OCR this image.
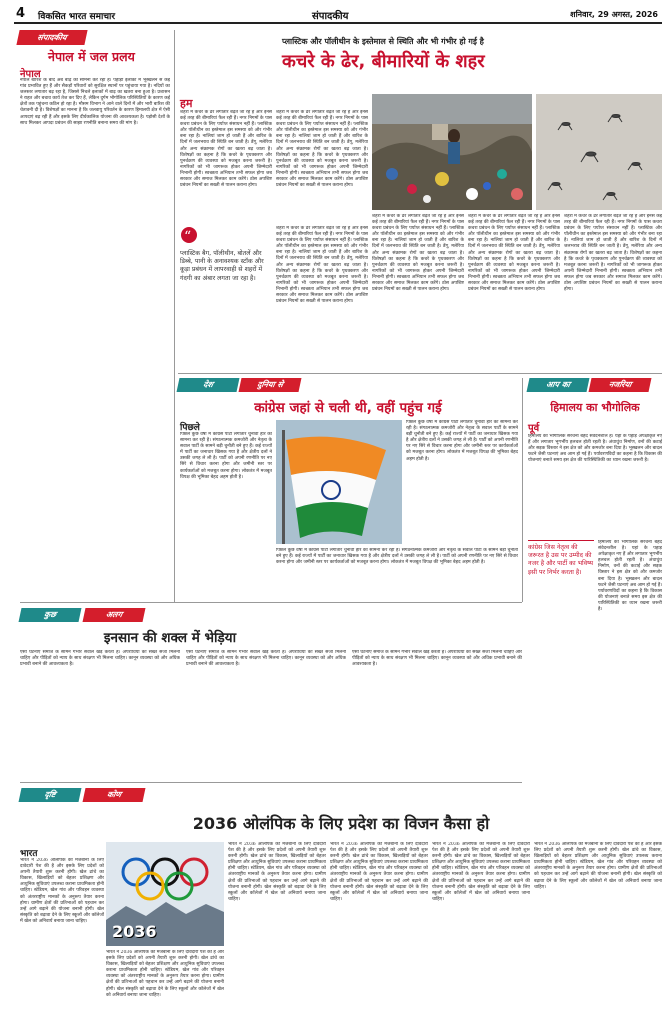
4 विकसित भारत समाचार	संपादकीय	शनिवार, 29 अगस्त, 2026
संपादकीय
नेपाल में जल प्रलय
नेपाल
नेपाल बारिश के बाद अब बाढ़ का सामना कर रहा है। पहाड़ी इलाकों में भूस्खलन से कई गांव प्रभावित हुए हैं और सैकड़ों परिवारों को सुरक्षित स्थानों पर पहुंचाया गया है। नदियों का जलस्तर लगातार बढ़ रहा है, जिससे निचले इलाकों में बाढ़ का खतरा बना हुआ है। प्रशासन ने राहत और बचाव कार्य तेज कर दिए हैं, लेकिन दुर्गम भौगोलिक परिस्थितियों के कारण कई क्षेत्रों तक पहुंचना कठिन हो रहा है। मौसम विभाग ने आने वाले दिनों में और भारी बारिश की चेतावनी दी है। विशेषज्ञों का मानना है कि जलवायु परिवर्तन के कारण हिमालयी क्षेत्र में ऐसी आपदाएं बढ़ रही हैं और इसके लिए दीर्घकालिक योजना की आवश्यकता है। पड़ोसी देशों के साथ मिलकर आपदा प्रबंधन की साझा रणनीति बनाना समय की मांग है।
प्लास्टिक और पॉलीथीन के इस्तेमाल से स्थिति और भी गंभीर हो गई है
कचरे के ढेर, बीमारियों के शहर
हम
शहरों में कचरे के ढेर लगातार बढ़ते जा रहे हैं और इनसे कई तरह की बीमारियां फैल रही हैं। नगर निगमों के पास कचरा प्रबंधन के लिए पर्याप्त संसाधन नहीं हैं। प्लास्टिक और पॉलीथीन का इस्तेमाल इस समस्या को और गंभीर बना रहा है। नालियां जाम हो जाती हैं और बारिश के दिनों में जलभराव की स्थिति बन जाती है। डेंगू, मलेरिया और अन्य संक्रामक रोगों का खतरा बढ़ जाता है। विशेषज्ञों का कहना है कि कचरे के पृथक्करण और पुनर्चक्रण की व्यवस्था को मजबूत करना जरूरी है। नागरिकों को भी जागरूक होकर अपनी जिम्मेदारी निभानी होगी। स्वच्छता अभियान तभी सफल होगा जब सरकार और समाज मिलकर काम करेंगे। ठोस अपशिष्ट प्रबंधन नियमों का सख्ती से पालन कराना होगा।
शहरों में कचरे के ढेर लगातार बढ़ते जा रहे हैं और इनसे कई तरह की बीमारियां फैल रही हैं। नगर निगमों के पास कचरा प्रबंधन के लिए पर्याप्त संसाधन नहीं हैं। प्लास्टिक और पॉलीथीन का इस्तेमाल इस समस्या को और गंभीर बना रहा है। नालियां जाम हो जाती हैं और बारिश के दिनों में जलभराव की स्थिति बन जाती है। डेंगू, मलेरिया और अन्य संक्रामक रोगों का खतरा बढ़ जाता है। विशेषज्ञों का कहना है कि कचरे के पृथक्करण और पुनर्चक्रण की व्यवस्था को मजबूत करना जरूरी है। नागरिकों को भी जागरूक होकर अपनी जिम्मेदारी निभानी होगी। स्वच्छता अभियान तभी सफल होगा जब सरकार और समाज मिलकर काम करेंगे। ठोस अपशिष्ट प्रबंधन नियमों का सख्ती से पालन कराना होगा।
“
प्लास्टिक बैग, पॉलीथीन, बोतलें और डिब्बे, पानी के अनावश्यक स्टॉक और कूड़ा प्रबंधन में लापरवाही से शहरों में गंदगी का अंबार लगता जा रहा है।
शहरों में कचरे के ढेर लगातार बढ़ते जा रहे हैं और इनसे कई तरह की बीमारियां फैल रही हैं। नगर निगमों के पास कचरा प्रबंधन के लिए पर्याप्त संसाधन नहीं हैं। प्लास्टिक और पॉलीथीन का इस्तेमाल इस समस्या को और गंभीर बना रहा है। नालियां जाम हो जाती हैं और बारिश के दिनों में जलभराव की स्थिति बन जाती है। डेंगू, मलेरिया और अन्य संक्रामक रोगों का खतरा बढ़ जाता है। विशेषज्ञों का कहना है कि कचरे के पृथक्करण और पुनर्चक्रण की व्यवस्था को मजबूत करना जरूरी है। नागरिकों को भी जागरूक होकर अपनी जिम्मेदारी निभानी होगी। स्वच्छता अभियान तभी सफल होगा जब सरकार और समाज मिलकर काम करेंगे। ठोस अपशिष्ट प्रबंधन नियमों का सख्ती से पालन कराना होगा।
शहरों में कचरे के ढेर लगातार बढ़ते जा रहे हैं और इनसे कई तरह की बीमारियां फैल रही हैं। नगर निगमों के पास कचरा प्रबंधन के लिए पर्याप्त संसाधन नहीं हैं। प्लास्टिक और पॉलीथीन का इस्तेमाल इस समस्या को और गंभीर बना रहा है। नालियां जाम हो जाती हैं और बारिश के दिनों में जलभराव की स्थिति बन जाती है। डेंगू, मलेरिया और अन्य संक्रामक रोगों का खतरा बढ़ जाता है। विशेषज्ञों का कहना है कि कचरे के पृथक्करण और पुनर्चक्रण की व्यवस्था को मजबूत करना जरूरी है। नागरिकों को भी जागरूक होकर अपनी जिम्मेदारी निभानी होगी। स्वच्छता अभियान तभी सफल होगा जब सरकार और समाज मिलकर काम करेंगे। ठोस अपशिष्ट प्रबंधन नियमों का सख्ती से पालन कराना होगा।
शहरों में कचरे के ढेर लगातार बढ़ते जा रहे हैं और इनसे कई तरह की बीमारियां फैल रही हैं। नगर निगमों के पास कचरा प्रबंधन के लिए पर्याप्त संसाधन नहीं हैं। प्लास्टिक और पॉलीथीन का इस्तेमाल इस समस्या को और गंभीर बना रहा है। नालियां जाम हो जाती हैं और बारिश के दिनों में जलभराव की स्थिति बन जाती है। डेंगू, मलेरिया और अन्य संक्रामक रोगों का खतरा बढ़ जाता है। विशेषज्ञों का कहना है कि कचरे के पृथक्करण और पुनर्चक्रण की व्यवस्था को मजबूत करना जरूरी है। नागरिकों को भी जागरूक होकर अपनी जिम्मेदारी निभानी होगी। स्वच्छता अभियान तभी सफल होगा जब सरकार और समाज मिलकर काम करेंगे। ठोस अपशिष्ट प्रबंधन नियमों का सख्ती से पालन कराना होगा।
शहरों में कचरे के ढेर लगातार बढ़ते जा रहे हैं और इनसे कई तरह की बीमारियां फैल रही हैं। नगर निगमों के पास कचरा प्रबंधन के लिए पर्याप्त संसाधन नहीं हैं। प्लास्टिक और पॉलीथीन का इस्तेमाल इस समस्या को और गंभीर बना रहा है। नालियां जाम हो जाती हैं और बारिश के दिनों में जलभराव की स्थिति बन जाती है। डेंगू, मलेरिया और अन्य संक्रामक रोगों का खतरा बढ़ जाता है। विशेषज्ञों का कहना है कि कचरे के पृथक्करण और पुनर्चक्रण की व्यवस्था को मजबूत करना जरूरी है। नागरिकों को भी जागरूक होकर अपनी जिम्मेदारी निभानी होगी। स्वच्छता अभियान तभी सफल होगा जब सरकार और समाज मिलकर काम करेंगे। ठोस अपशिष्ट प्रबंधन नियमों का सख्ती से पालन कराना होगा।
देश	दुनिया से
कांग्रेस जहां से चली थी, वहीं पहुंच गई
पिछले
पिछले कुछ वर्षों में कांग्रेस पार्टी लगातार चुनावी हार का सामना कर रही है। संगठनात्मक कमजोरी और नेतृत्व के सवाल पार्टी के सामने बड़ी चुनौती बने हुए हैं। कई राज्यों में पार्टी का जनाधार खिसक गया है और क्षेत्रीय दलों ने उसकी जगह ले ली है। पार्टी को अपनी रणनीति पर नए सिरे से विचार करना होगा और जमीनी स्तर पर कार्यकर्ताओं को मजबूत करना होगा। लोकतंत्र में मजबूत विपक्ष की भूमिका बेहद अहम होती है।
पिछले कुछ वर्षों में कांग्रेस पार्टी लगातार चुनावी हार का सामना कर रही है। संगठनात्मक कमजोरी और नेतृत्व के सवाल पार्टी के सामने बड़ी चुनौती बने हुए हैं। कई राज्यों में पार्टी का जनाधार खिसक गया है और क्षेत्रीय दलों ने उसकी जगह ले ली है। पार्टी को अपनी रणनीति पर नए सिरे से विचार करना होगा और जमीनी स्तर पर कार्यकर्ताओं को मजबूत करना होगा। लोकतंत्र में मजबूत विपक्ष की भूमिका बेहद अहम होती है।
पिछले कुछ वर्षों में कांग्रेस पार्टी लगातार चुनावी हार का सामना कर रही है। संगठनात्मक कमजोरी और नेतृत्व के सवाल पार्टी के सामने बड़ी चुनौती बने हुए हैं। कई राज्यों में पार्टी का जनाधार खिसक गया है और क्षेत्रीय दलों ने उसकी जगह ले ली है। पार्टी को अपनी रणनीति पर नए सिरे से विचार करना होगा और जमीनी स्तर पर कार्यकर्ताओं को मजबूत करना होगा। लोकतंत्र में मजबूत विपक्ष की भूमिका बेहद अहम होती है।
आप का	नजरिया
हिमालय का भौगोलिक
पूर्व
हिमालय की भौगोलिक संरचना बेहद संवेदनशील है। यहां के पहाड़ अपेक्षाकृत नए हैं और लगातार भूगर्भीय हलचल होती रहती है। अंधाधुंध निर्माण, वनों की कटाई और सड़क विस्तार ने इस क्षेत्र को और कमजोर बना दिया है। भूस्खलन और बादल फटने जैसी घटनाएं अब आम हो गई हैं। पर्यावरणविदों का कहना है कि विकास की योजनाएं बनाते समय इस क्षेत्र की पारिस्थितिकी का ध्यान रखना जरूरी है।
कांग्रेस जिस नेतृत्व की जरूरत है उस पर उम्मीद की नजर है और पार्टी का भविष्य इसी पर निर्भर करता है।
हिमालय की भौगोलिक संरचना बेहद संवेदनशील है। यहां के पहाड़ अपेक्षाकृत नए हैं और लगातार भूगर्भीय हलचल होती रहती है। अंधाधुंध निर्माण, वनों की कटाई और सड़क विस्तार ने इस क्षेत्र को और कमजोर बना दिया है। भूस्खलन और बादल फटने जैसी घटनाएं अब आम हो गई हैं। पर्यावरणविदों का कहना है कि विकास की योजनाएं बनाते समय इस क्षेत्र की पारिस्थितिकी का ध्यान रखना जरूरी है।
कुछ	अलग
इनसान की शक्ल में भेड़िया
ऐसी घटनाएं समाज के सामने गंभीर सवाल खड़े करती हैं। अपराधियों को सख्त सजा मिलनी चाहिए और पीड़ितों को न्याय के साथ संरक्षण भी मिलना चाहिए। कानून व्यवस्था को और अधिक प्रभावी बनाने की आवश्यकता है।
ऐसी घटनाएं समाज के सामने गंभीर सवाल खड़े करती हैं। अपराधियों को सख्त सजा मिलनी चाहिए और पीड़ितों को न्याय के साथ संरक्षण भी मिलना चाहिए। कानून व्यवस्था को और अधिक प्रभावी बनाने की आवश्यकता है।
ऐसी घटनाएं समाज के सामने गंभीर सवाल खड़े करती हैं। अपराधियों को सख्त सजा मिलनी चाहिए और पीड़ितों को न्याय के साथ संरक्षण भी मिलना चाहिए। कानून व्यवस्था को और अधिक प्रभावी बनाने की आवश्यकता है।
दृष्टि	कोण
2036 ओलंपिक के लिए प्रदेश का विजन कैसा हो
भारत
भारत ने 2036 ओलंपिक की मेजबानी के लिए दावेदारी पेश की है और इसके लिए प्रदेशों को अपनी तैयारी शुरू करनी होगी। खेल ढांचे का विकास, खिलाड़ियों को बेहतर प्रशिक्षण और आधुनिक सुविधाएं उपलब्ध कराना प्राथमिकता होनी चाहिए। स्टेडियम, खेल गांव और परिवहन व्यवस्था को अंतरराष्ट्रीय मानकों के अनुरूप तैयार करना होगा। ग्रामीण क्षेत्रों की प्रतिभाओं को पहचान कर उन्हें आगे बढ़ाने की योजना बनानी होगी। खेल संस्कृति को बढ़ावा देने के लिए स्कूलों और कॉलेजों में खेल को अनिवार्य बनाया जाना चाहिए।
2036
भारत ने 2036 ओलंपिक की मेजबानी के लिए दावेदारी पेश की है और इसके लिए प्रदेशों को अपनी तैयारी शुरू करनी होगी। खेल ढांचे का विकास, खिलाड़ियों को बेहतर प्रशिक्षण और आधुनिक सुविधाएं उपलब्ध कराना प्राथमिकता होनी चाहिए। स्टेडियम, खेल गांव और परिवहन व्यवस्था को अंतरराष्ट्रीय मानकों के अनुरूप तैयार करना होगा। ग्रामीण क्षेत्रों की प्रतिभाओं को पहचान कर उन्हें आगे बढ़ाने की योजना बनानी होगी। खेल संस्कृति को बढ़ावा देने के लिए स्कूलों और कॉलेजों में खेल को अनिवार्य बनाया जाना चाहिए।
भारत ने 2036 ओलंपिक की मेजबानी के लिए दावेदारी पेश की है और इसके लिए प्रदेशों को अपनी तैयारी शुरू करनी होगी। खेल ढांचे का विकास, खिलाड़ियों को बेहतर प्रशिक्षण और आधुनिक सुविधाएं उपलब्ध कराना प्राथमिकता होनी चाहिए। स्टेडियम, खेल गांव और परिवहन व्यवस्था को अंतरराष्ट्रीय मानकों के अनुरूप तैयार करना होगा। ग्रामीण क्षेत्रों की प्रतिभाओं को पहचान कर उन्हें आगे बढ़ाने की योजना बनानी होगी। खेल संस्कृति को बढ़ावा देने के लिए स्कूलों और कॉलेजों में खेल को अनिवार्य बनाया जाना चाहिए।
भारत ने 2036 ओलंपिक की मेजबानी के लिए दावेदारी पेश की है और इसके लिए प्रदेशों को अपनी तैयारी शुरू करनी होगी। खेल ढांचे का विकास, खिलाड़ियों को बेहतर प्रशिक्षण और आधुनिक सुविधाएं उपलब्ध कराना प्राथमिकता होनी चाहिए। स्टेडियम, खेल गांव और परिवहन व्यवस्था को अंतरराष्ट्रीय मानकों के अनुरूप तैयार करना होगा। ग्रामीण क्षेत्रों की प्रतिभाओं को पहचान कर उन्हें आगे बढ़ाने की योजना बनानी होगी। खेल संस्कृति को बढ़ावा देने के लिए स्कूलों और कॉलेजों में खेल को अनिवार्य बनाया जाना चाहिए।
भारत ने 2036 ओलंपिक की मेजबानी के लिए दावेदारी पेश की है और इसके लिए प्रदेशों को अपनी तैयारी शुरू करनी होगी। खेल ढांचे का विकास, खिलाड़ियों को बेहतर प्रशिक्षण और आधुनिक सुविधाएं उपलब्ध कराना प्राथमिकता होनी चाहिए। स्टेडियम, खेल गांव और परिवहन व्यवस्था को अंतरराष्ट्रीय मानकों के अनुरूप तैयार करना होगा। ग्रामीण क्षेत्रों की प्रतिभाओं को पहचान कर उन्हें आगे बढ़ाने की योजना बनानी होगी। खेल संस्कृति को बढ़ावा देने के लिए स्कूलों और कॉलेजों में खेल को अनिवार्य बनाया जाना चाहिए।
भारत ने 2036 ओलंपिक की मेजबानी के लिए दावेदारी पेश की है और इसके लिए प्रदेशों को अपनी तैयारी शुरू करनी होगी। खेल ढांचे का विकास, खिलाड़ियों को बेहतर प्रशिक्षण और आधुनिक सुविधाएं उपलब्ध कराना प्राथमिकता होनी चाहिए। स्टेडियम, खेल गांव और परिवहन व्यवस्था को अंतरराष्ट्रीय मानकों के अनुरूप तैयार करना होगा। ग्रामीण क्षेत्रों की प्रतिभाओं को पहचान कर उन्हें आगे बढ़ाने की योजना बनानी होगी। खेल संस्कृति को बढ़ावा देने के लिए स्कूलों और कॉलेजों में खेल को अनिवार्य बनाया जाना चाहिए।
